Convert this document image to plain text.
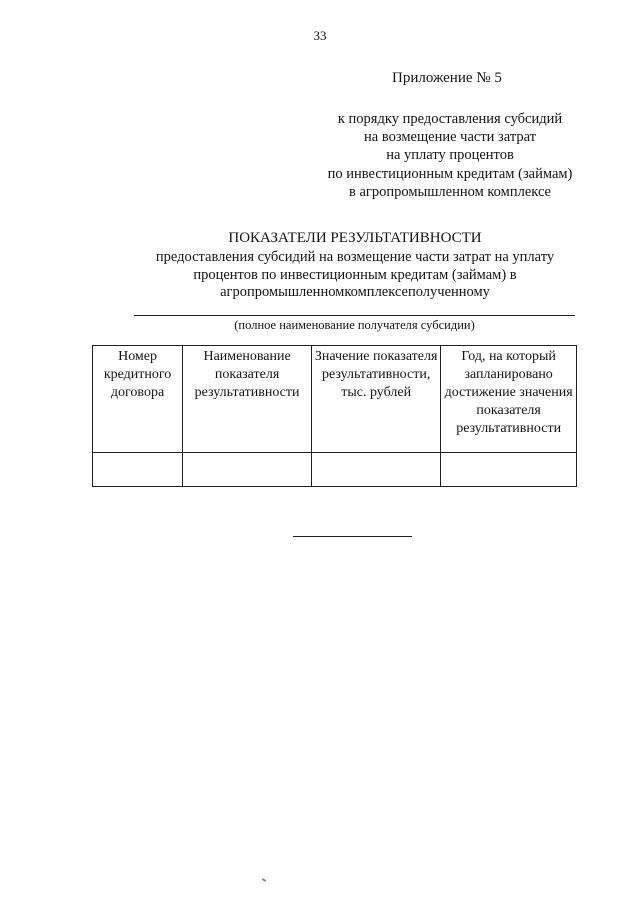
33
Приложение № 5
к порядку предоставления субсидий
на возмещение части затрат
на уплату процентов
по инвестиционным кредитам (займам)
в агропромышленном комплексе
ПОКАЗАТЕЛИ РЕЗУЛЬТАТИВНОСТИ
предоставления субсидий на возмещение части затрат на уплату
процентов по инвестиционным кредитам (займам) в
агропромышленномкомплексеполученному
(полное наименование получателя субсидии)
Номер кредитного договора	Наименование показателя результативности	Значение показателя результативности, тыс. рублей	Год, на который запланировано достижение значения показателя результативности
